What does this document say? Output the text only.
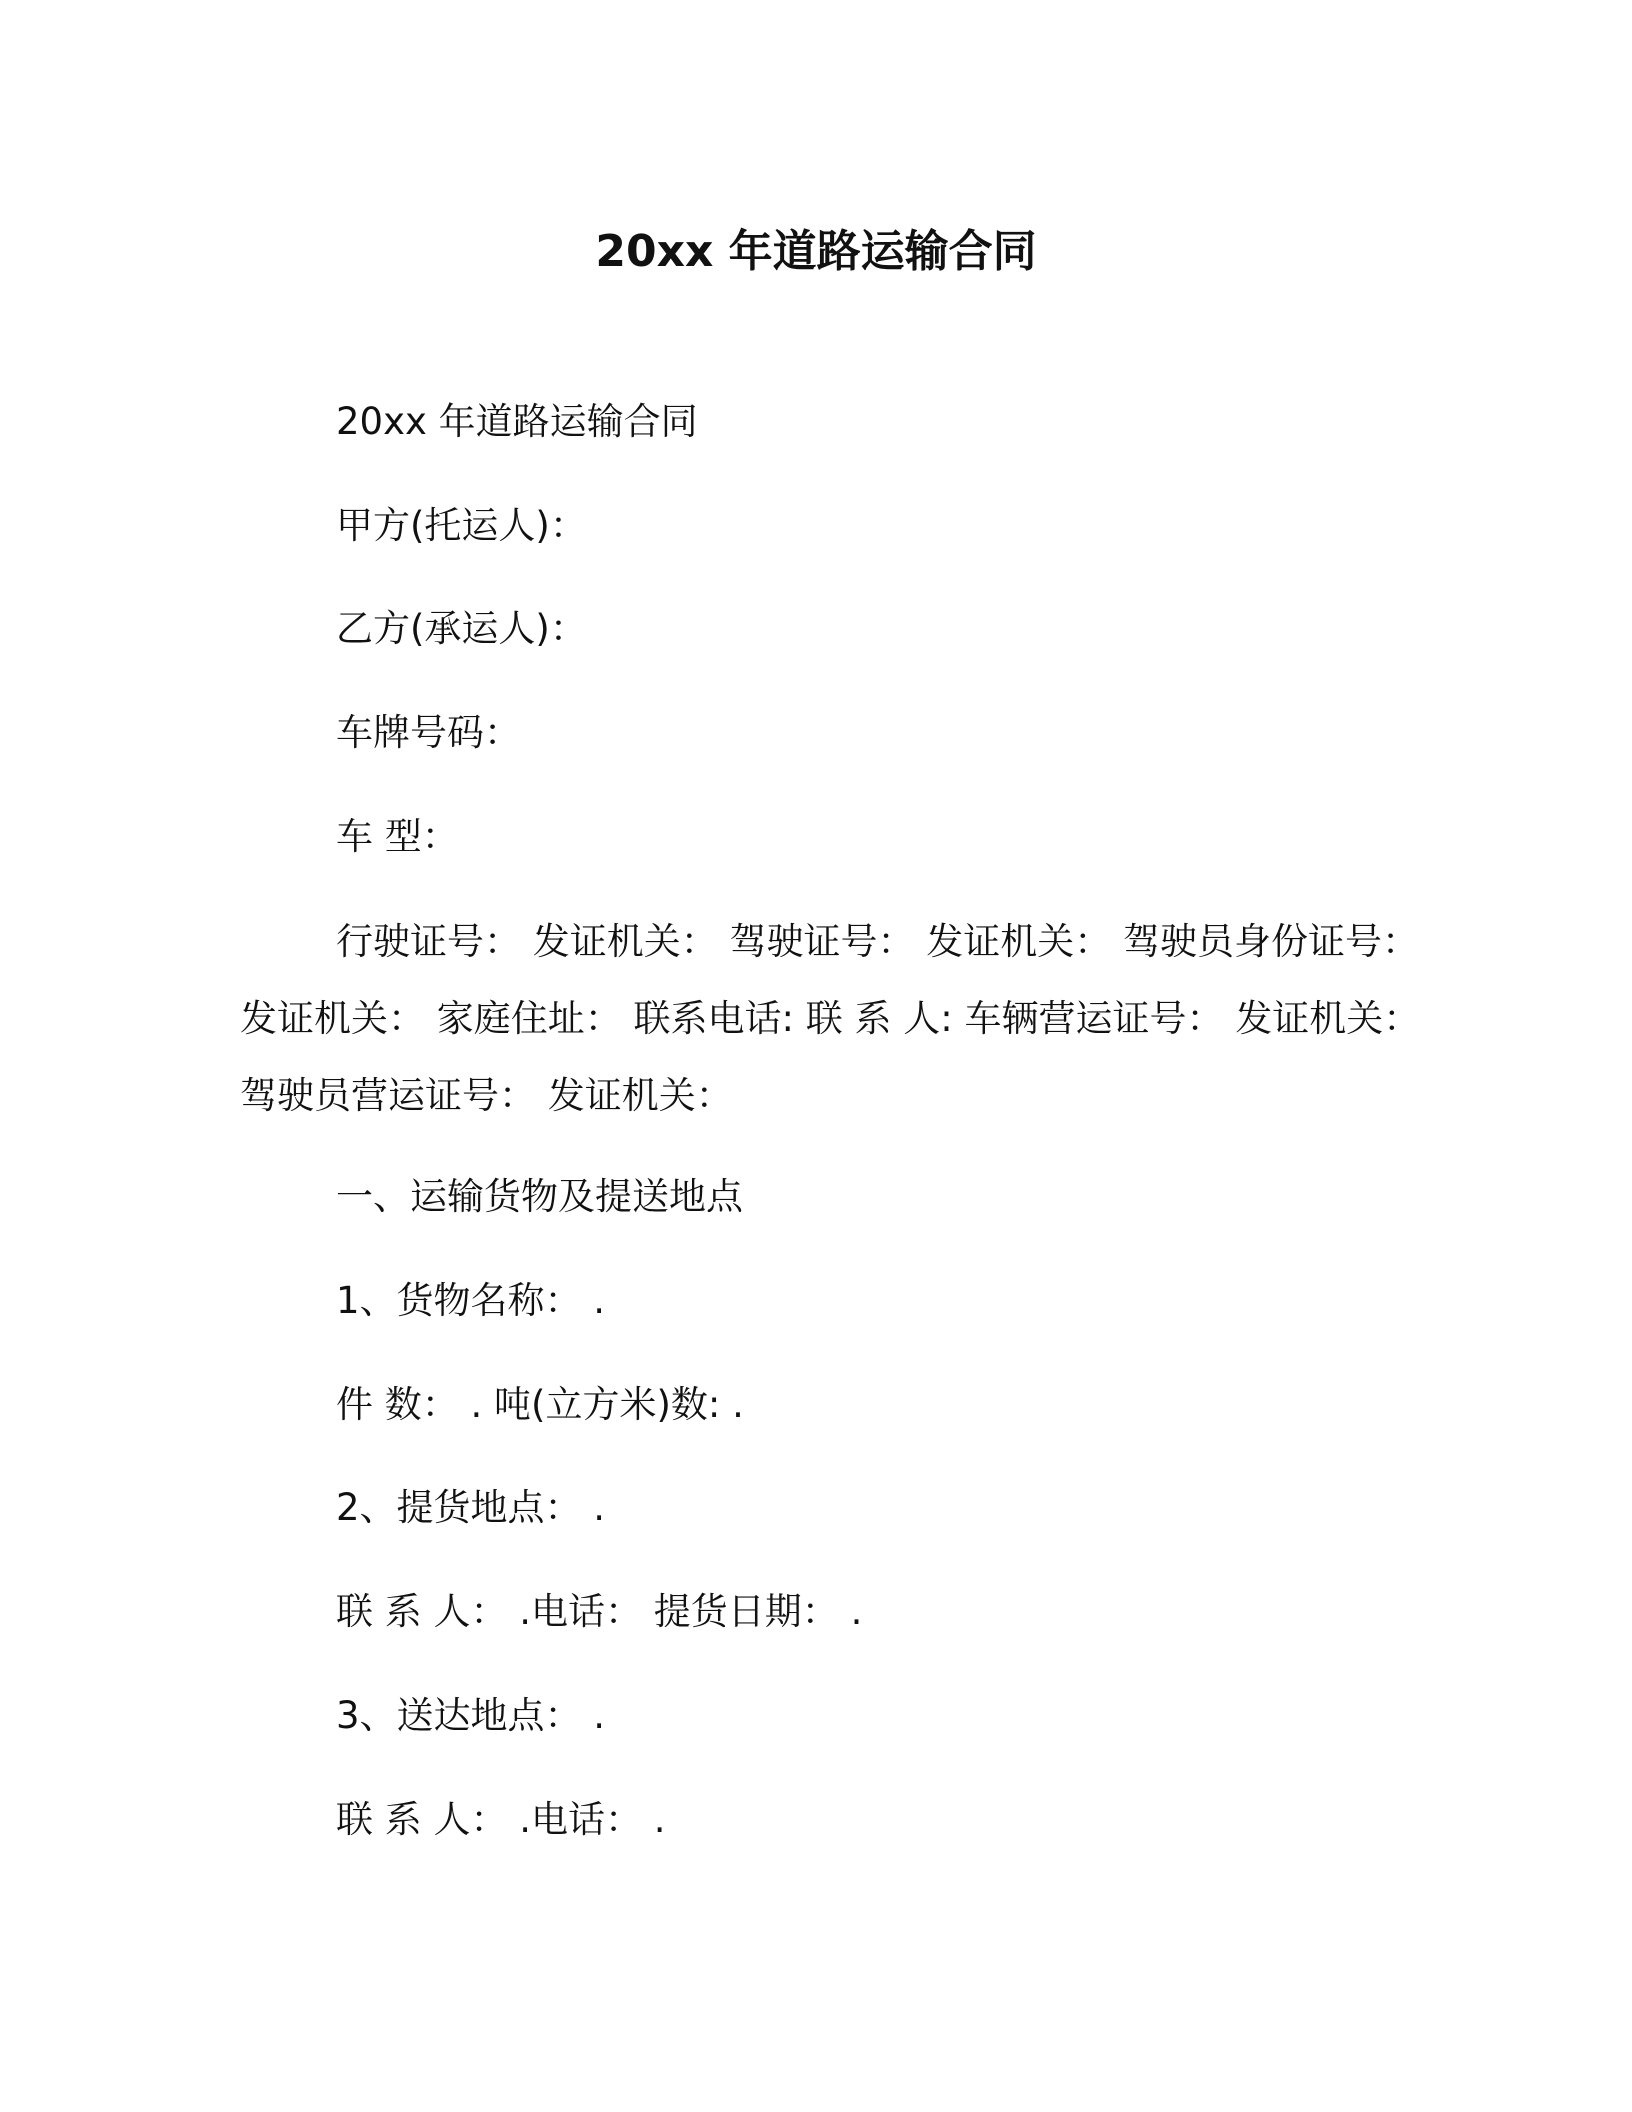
20xx 年道路运输合同
20xx 年道路运输合同
甲方(托运人)：
乙方(承运人)：
车牌号码：
车 型：
行驶证号： 发证机关： 驾驶证号： 发证机关： 驾驶员身份证号：
发证机关： 家庭住址： 联系电话: 联 系 人: 车辆营运证号： 发证机关：
驾驶员营运证号： 发证机关：
一、运输货物及提送地点
1、货物名称： .
件 数： . 吨(立方米)数: .
2、提货地点： .
联 系 人： .电话： 提货日期： .
3、送达地点： .
联 系 人： .电话： .
